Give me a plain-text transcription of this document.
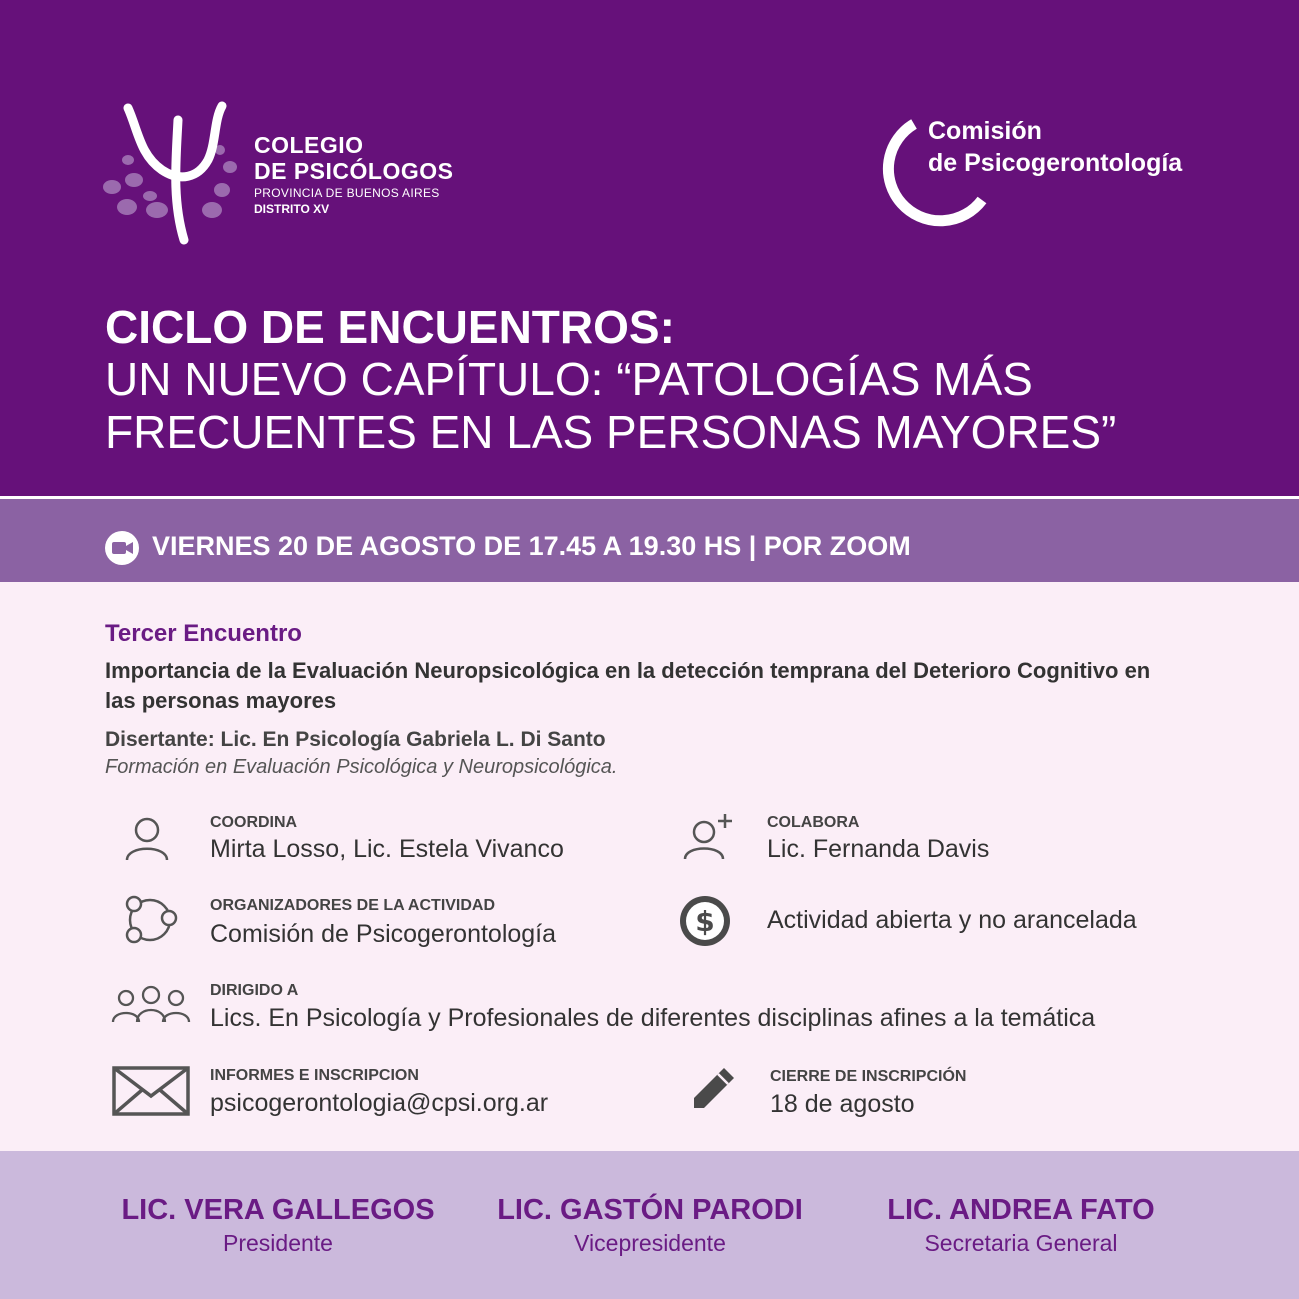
COLEGIO
DE PSICÓLOGOS
PROVINCIA DE BUENOS AIRES
DISTRITO XV
Comisión
de Psicogerontología
CICLO DE ENCUENTROS:
UN NUEVO CAPÍTULO: “PATOLOGÍAS MÁS
FRECUENTES EN LAS PERSONAS MAYORES”
VIERNES 20 DE AGOSTO DE 17.45 A 19.30 HS | POR ZOOM
Tercer Encuentro
Importancia de la Evaluación Neuropsicológica en la detección temprana del Deterioro Cognitivo en las personas mayores
Disertante: Lic. En Psicología Gabriela L. Di Santo
Formación en Evaluación Psicológica y Neuropsicológica.
COORDINA
Mirta Losso, Lic. Estela Vivanco
COLABORA
Lic. Fernanda Davis
ORGANIZADORES DE LA ACTIVIDAD
Comisión de Psicogerontología	$ Actividad abierta y no arancelada
DIRIGIDO A
Lics. En Psicología y Profesionales de diferentes disciplinas afines a la temática
INFORMES E INSCRIPCION
psicogerontologia@cpsi.org.ar
CIERRE DE INSCRIPCIÓN
18 de agosto
LIC. VERA GALLEGOS
Presidente
LIC. GASTÓN PARODI
Vicepresidente
LIC. ANDREA FATO
Secretaria General
